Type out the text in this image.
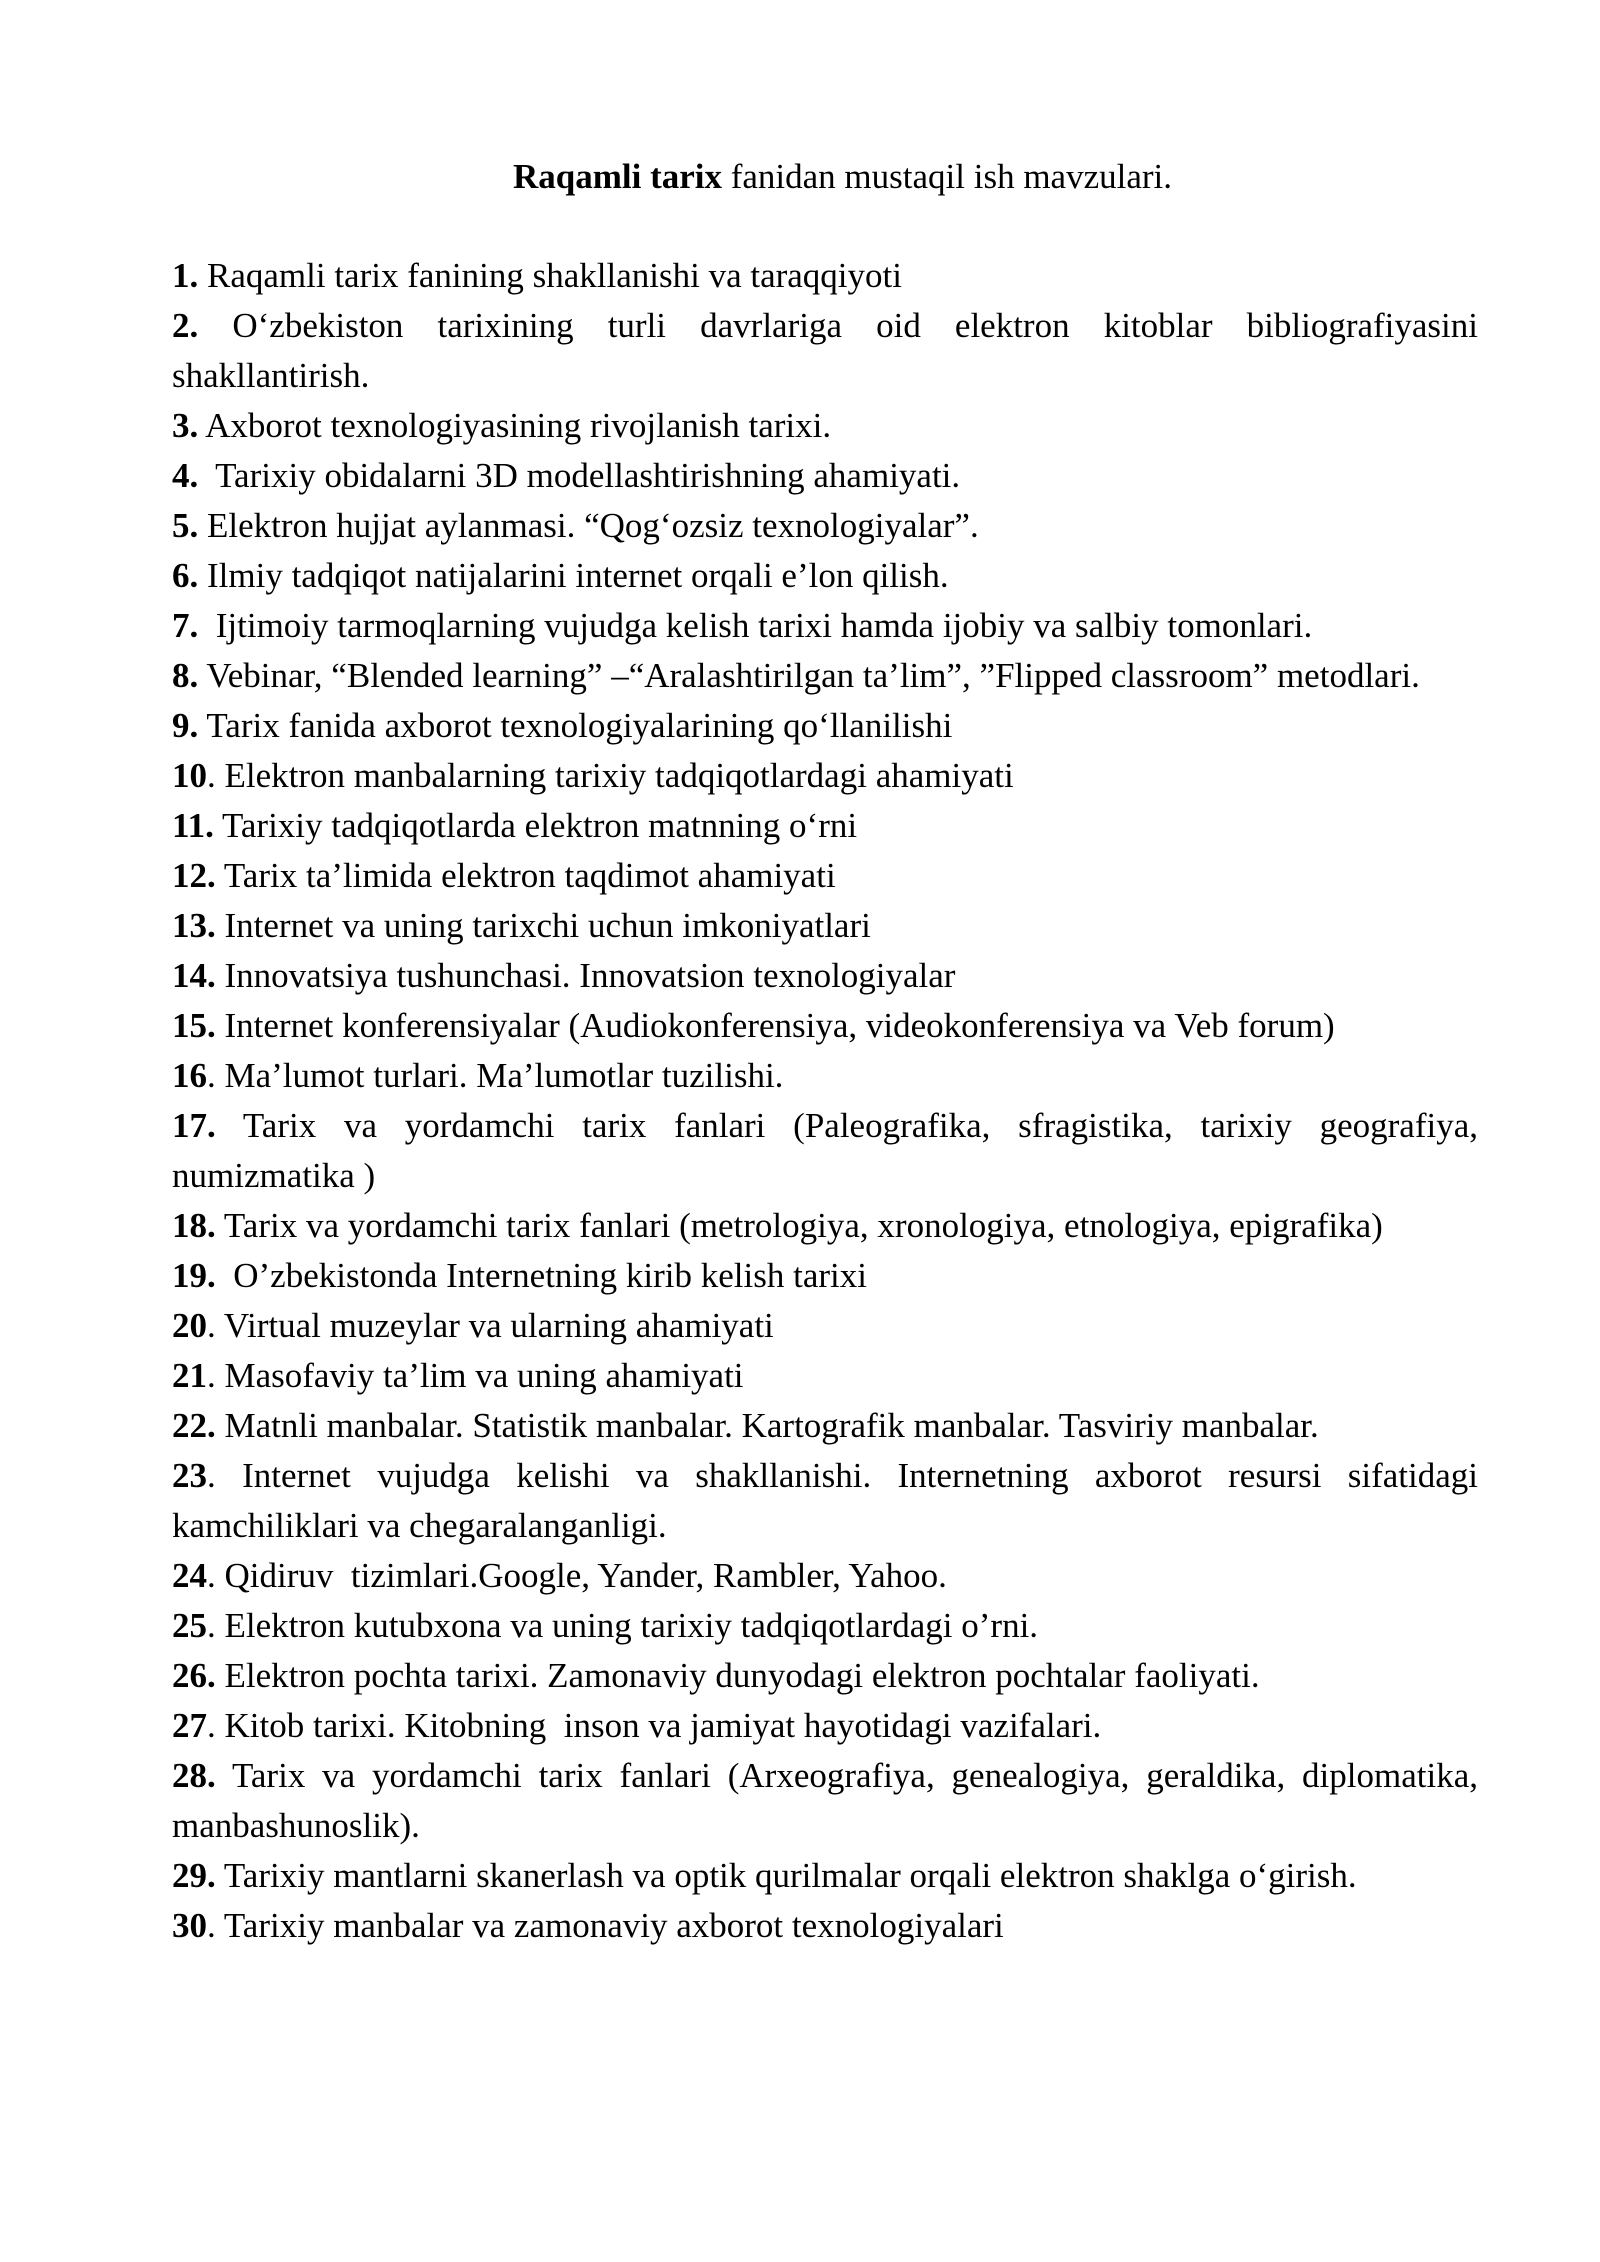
Raqamli tarix fanidan mustaqil ish mavzulari.
1. Raqamli tarix fanining shakllanishi va taraqqiyoti
2. O‘zbekiston tarixining turli davrlariga oid elektron kitoblar bibliografiyasini shakllantirish.
3. Axborot texnologiyasining rivojlanish tarixi.
4.  Tarixiy obidalarni 3D modellashtirishning ahamiyati.
5. Elektron hujjat aylanmasi. “Qog‘ozsiz texnologiyalar”.
6. Ilmiy tadqiqot natijalarini internet orqali e’lon qilish.
7.  Ijtimoiy tarmoqlarning vujudga kelish tarixi hamda ijobiy va salbiy tomonlari.
8. Vebinar, “Blended learning” –“Aralashtirilgan ta’lim”, ”Flipped classroom” metodlari.
9. Tarix fanida axborot texnologiyalarining qo‘llanilishi
10. Elektron manbalarning tarixiy tadqiqotlardagi ahamiyati
11. Tarixiy tadqiqotlarda elektron matnning o‘rni
12. Tarix ta’limida elektron taqdimot ahamiyati
13. Internet va uning tarixchi uchun imkoniyatlari
14. Innovatsiya tushunchasi. Innovatsion texnologiyalar
15. Internet konferensiyalar (Audiokonferensiya, videokonferensiya va Veb forum)
16. Ma’lumot turlari. Ma’lumotlar tuzilishi.
17. Tarix va yordamchi tarix fanlari (Paleografika, sfragistika, tarixiy geografiya, numizmatika )
18. Tarix va yordamchi tarix fanlari (metrologiya, xronologiya, etnologiya, epigrafika)
19.  O’zbekistonda Internetning kirib kelish tarixi
20. Virtual muzeylar va ularning ahamiyati
21. Masofaviy ta’lim va uning ahamiyati
22. Matnli manbalar. Statistik manbalar. Kartografik manbalar. Tasviriy manbalar.
23. Internet vujudga kelishi va shakllanishi. Internetning axborot resursi sifatidagi kamchiliklari va chegaralanganligi.
24. Qidiruv  tizimlari.Google, Yander, Rambler, Yahoo.
25. Elektron kutubxona va uning tarixiy tadqiqotlardagi o’rni.
26. Elektron pochta tarixi. Zamonaviy dunyodagi elektron pochtalar faoliyati.
27. Kitob tarixi. Kitobning  inson va jamiyat hayotidagi vazifalari.
28. Tarix va yordamchi tarix fanlari (Arxeografiya, genealogiya, geraldika, diplomatika, manbashunoslik).
29. Tarixiy mantlarni skanerlash va optik qurilmalar orqali elektron shaklga o‘girish.
30. Tarixiy manbalar va zamonaviy axborot texnologiyalari
